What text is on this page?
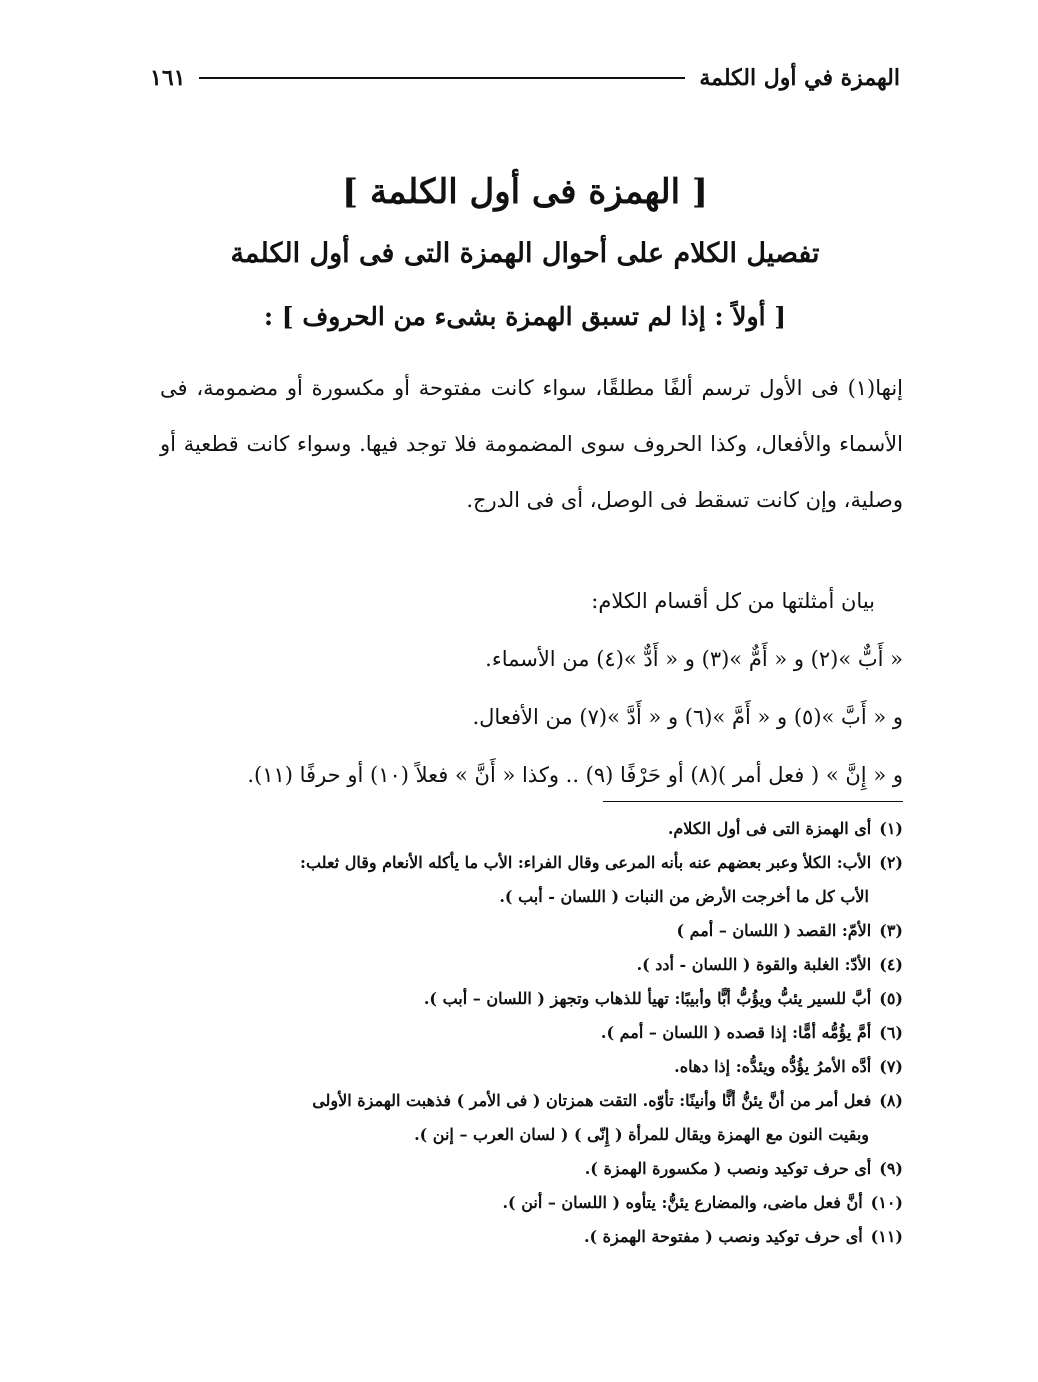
الهمزة في أول الكلمة
١٦١
[ الهمزة فى أول الكلمة ]
تفصيل الكلام على أحوال الهمزة التى فى أول الكلمة
[ أولاً : إذا لم تسبق الهمزة بشىء من الحروف ] :

إنها(١) فى الأول ترسم ألفًا مطلقًا، سواء كانت مفتوحة أو مكسورة أو مضمومة، فى الأسماء والأفعال، وكذا الحروف سوى المضمومة فلا توجد فيها. وسواء كانت قطعية أو وصلية، وإن كانت تسقط فى الوصل، أى فى الدرج.

بيان أمثلتها من كل أقسام الكلام:
« أَبٌّ »(٢) و « أَمٌّ »(٣) و « أَدٌّ »(٤) من الأسماء.
و « أَبَّ »(٥) و « أَمَّ »(٦) و « أَدَّ »(٧) من الأفعال.
و « إِنَّ » ( فعل أمر )(٨) أو حَرْفًا (٩) .. وكذا « أَنَّ » فعلاً (١٠) أو حرفًا (١١).
(١)
أى الهمزة التى فى أول الكلام.
(٢)
الأب: الكلأ وعبر بعضهم عنه بأنه المرعى وقال الفراء: الأب ما يأكله الأنعام وقال ثعلب:
الأب كل ما أخرجت الأرض من النبات ( اللسان - أبب ).
(٣)
الأمّ: القصد ( اللسان – أمم )
(٤)
الأدّ: الغلبة والقوة ( اللسان - أدد ).
(٥)
أبَّ للسير يئبُّ ويؤُبُّ أبًّا وأبيبًا: تهيأ للذهاب وتجهز ( اللسان – أبب ).
(٦)
أمَّ يؤُمُّه أمًّا: إذا قصده ( اللسان – أمم ).
(٧)
أدَّه الأمرُ يؤُدُّه ويئدُّه: إذا دهاه.
(٨)
فعل أمر من أنَّ يئنُّ أنًّا وأنينًا: تأوّه. التقت همزتان ( فى الأمر ) فذهبت الهمزة الأولى
وبقيت النون مع الهمزة ويقال للمرأة ( إِنّى ) ( لسان العرب – إنن ).
(٩)
أى حرف توكيد ونصب ( مكسورة الهمزة ).
(١٠)
أنَّ فعل ماضى، والمضارع يئنُّ: يتأوه ( اللسان – أنن ).
(١١)
أى حرف توكيد ونصب ( مفتوحة الهمزة ).
